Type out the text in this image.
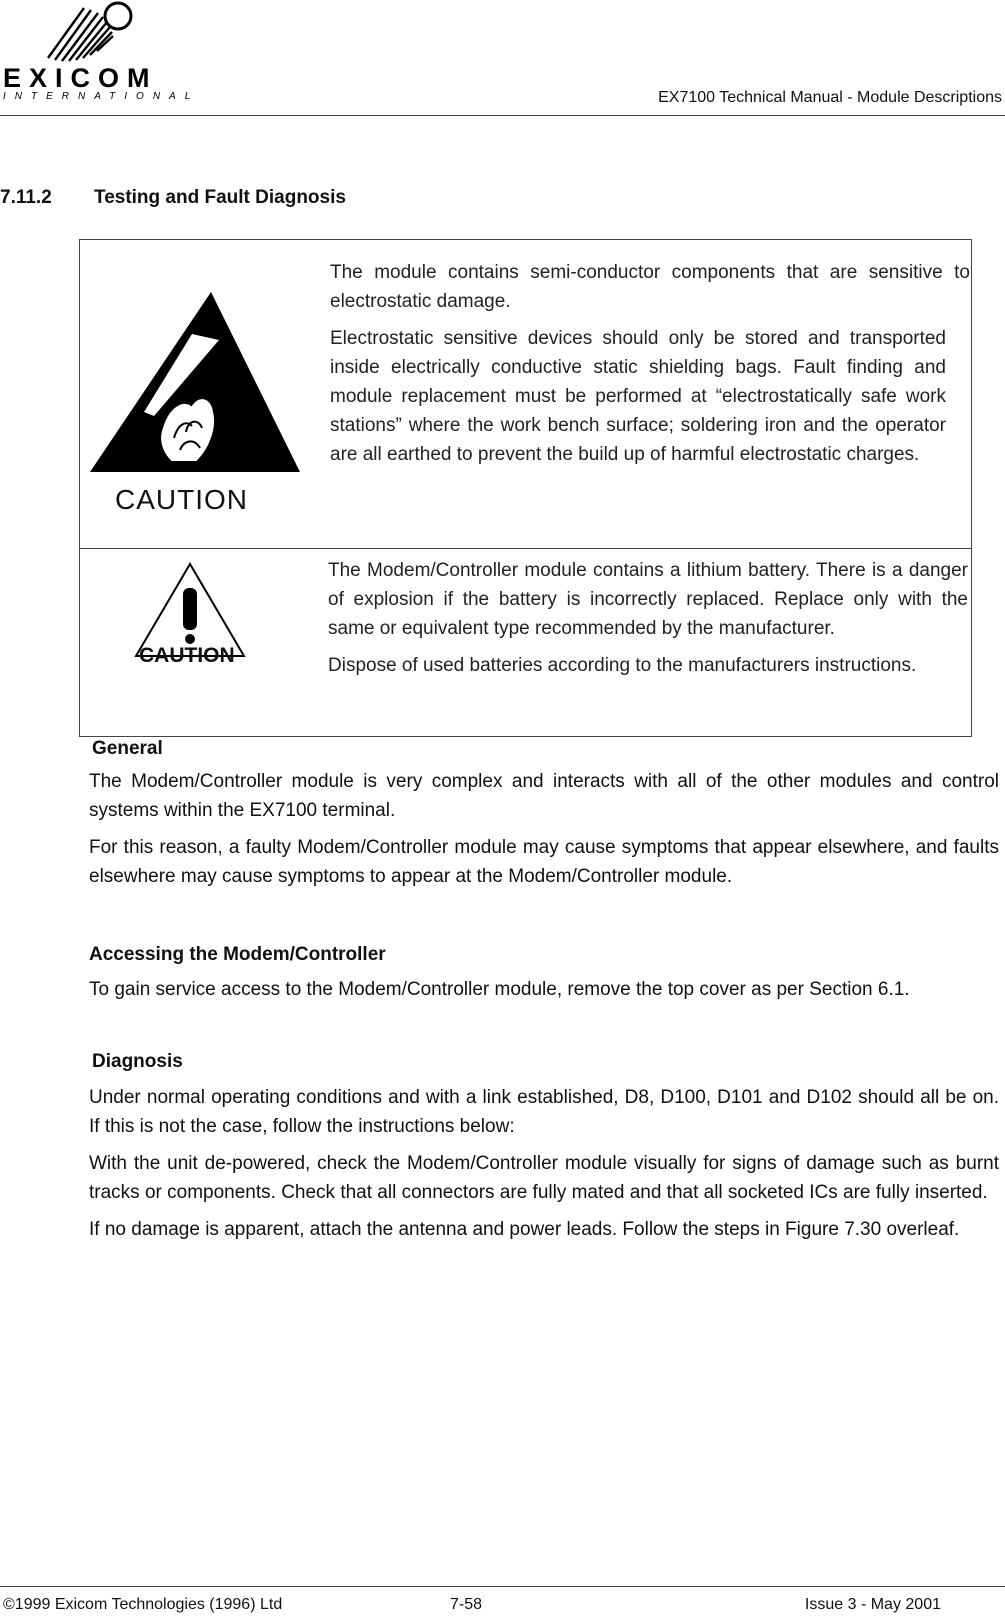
EXICOM
INTERNATIONAL	EX7100 Technical Manual - Module Descriptions
7.11.2 Testing and Fault Diagnosis
CAUTION

The module contains semi-conductor components that are sensitive to electrostatic damage.

Electrostatic sensitive devices should only be stored and transported inside electrically conductive static shielding bags. Fault finding and module replacement must be performed at “electrostatically safe work stations” where the work bench surface; soldering iron and the operator are all earthed to prevent the build up of harmful electrostatic charges.

CAUTION

The Modem/Controller module contains a lithium battery. There is a danger of explosion if the battery is incorrectly replaced. Replace only with the same or equivalent type recommended by the manufacturer.

Dispose of used batteries according to the manufacturers instructions.

General

The Modem/Controller module is very complex and interacts with all of the other modules and control systems within the EX7100 terminal.

For this reason, a faulty Modem/Controller module may cause symptoms that appear elsewhere, and faults elsewhere may cause symptoms to appear at the Modem/Controller module.

Accessing the Modem/Controller

To gain service access to the Modem/Controller module, remove the top cover as per Section 6.1.

Diagnosis

Under normal operating conditions and with a link established, D8, D100, D101 and D102 should all be on. If this is not the case, follow the instructions below:

With the unit de-powered, check the Modem/Controller module visually for signs of damage such as burnt tracks or components. Check that all connectors are fully mated and that all socketed ICs are fully inserted.

If no damage is apparent, attach the antenna and power leads. Follow the steps in Figure 7.30 overleaf.

©1999 Exicom Technologies (1996) Ltd	7-58	Issue 3 - May 2001
